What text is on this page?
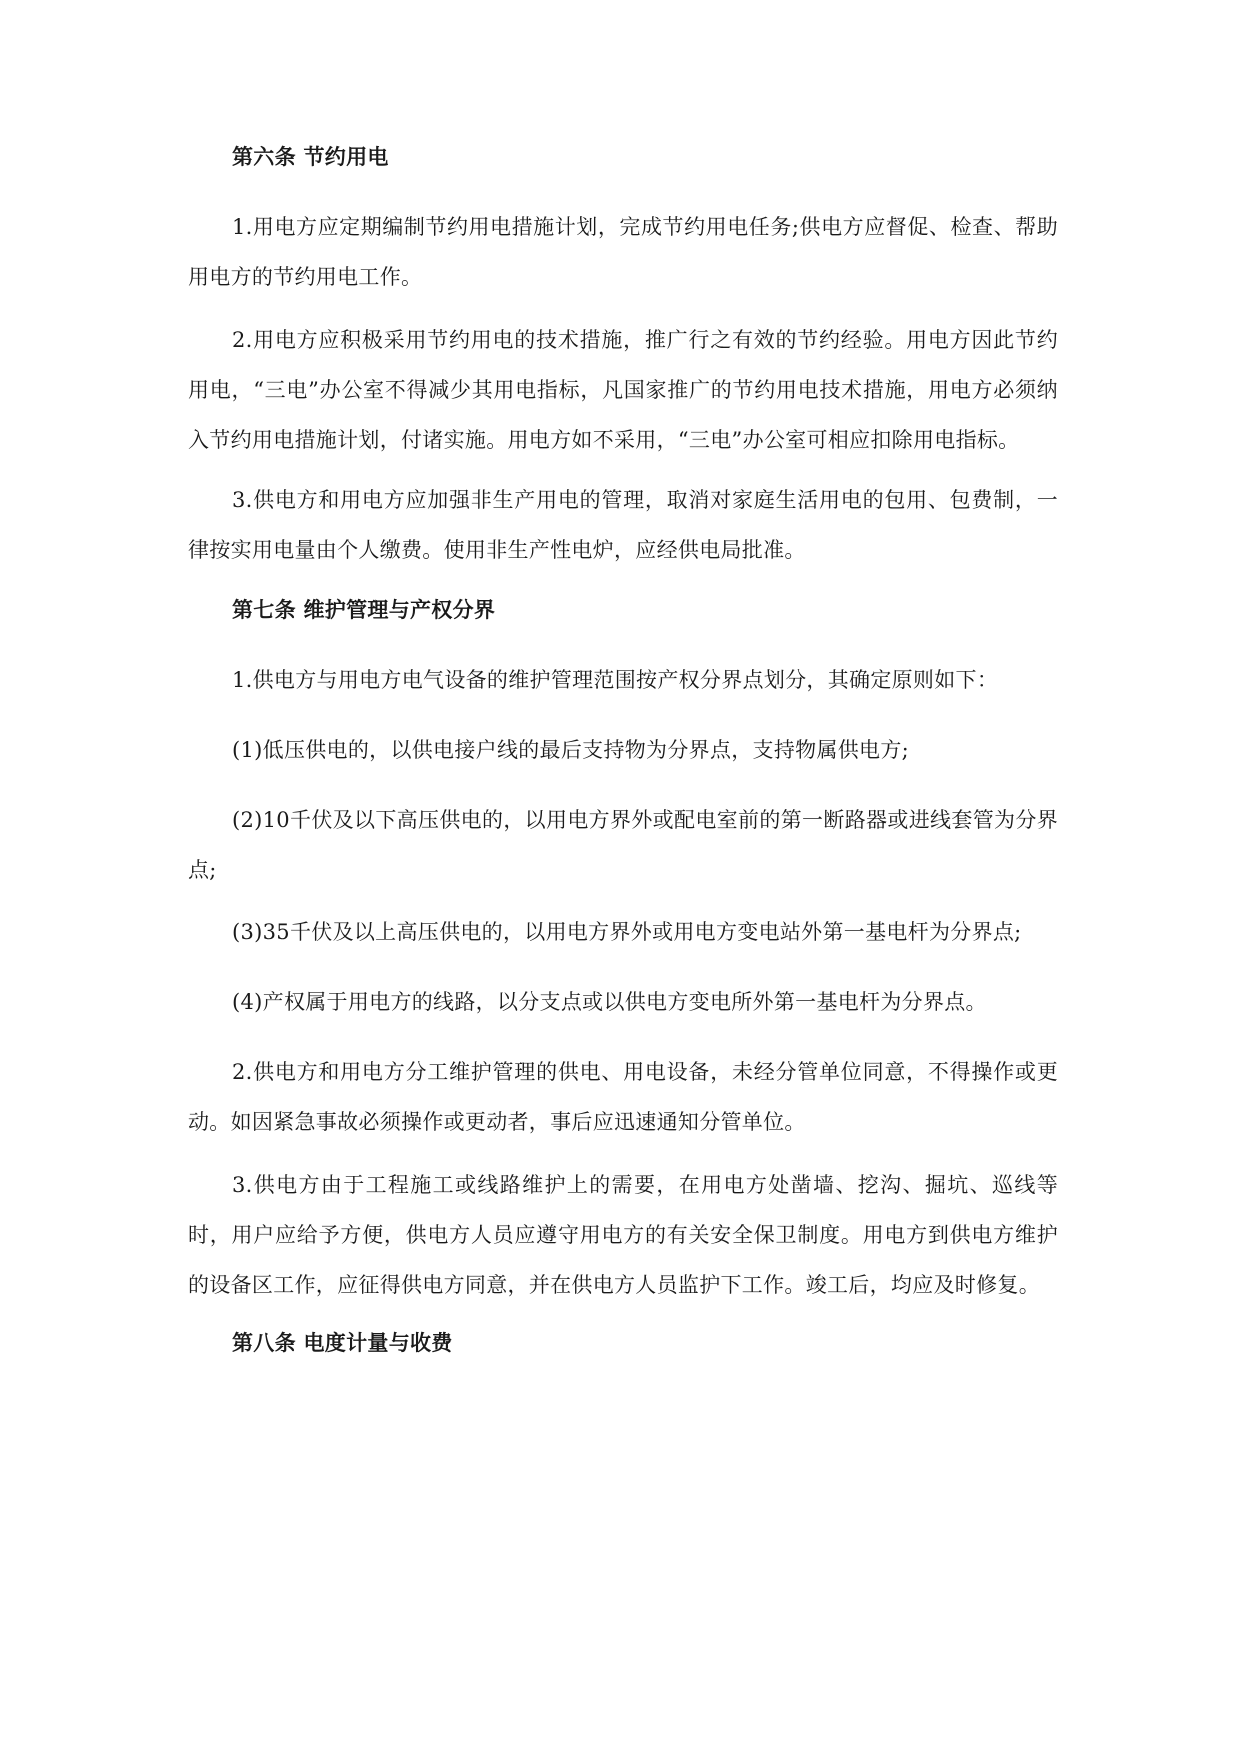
第六条 节约用电

1.用电方应定期编制节约用电措施计划，完成节约用电任务;供电方应督促、检查、帮助用电方的节约用电工作。

2.用电方应积极采用节约用电的技术措施，推广行之有效的节约经验。用电方因此节约用电，“三电”办公室不得减少其用电指标，凡国家推广的节约用电技术措施，用电方必须纳入节约用电措施计划，付诸实施。用电方如不采用，“三电”办公室可相应扣除用电指标。

3.供电方和用电方应加强非生产用电的管理，取消对家庭生活用电的包用、包费制，一律按实用电量由个人缴费。使用非生产性电炉，应经供电局批准。

第七条 维护管理与产权分界

1.供电方与用电方电气设备的维护管理范围按产权分界点划分，其确定原则如下：

(1)低压供电的，以供电接户线的最后支持物为分界点，支持物属供电方;

(2)10千伏及以下高压供电的，以用电方界外或配电室前的第一断路器或进线套管为分界点;

(3)35千伏及以上高压供电的，以用电方界外或用电方变电站外第一基电杆为分界点;

(4)产权属于用电方的线路，以分支点或以供电方变电所外第一基电杆为分界点。

2.供电方和用电方分工维护管理的供电、用电设备，未经分管单位同意，不得操作或更动。如因紧急事故必须操作或更动者，事后应迅速通知分管单位。

3.供电方由于工程施工或线路维护上的需要，在用电方处凿墙、挖沟、掘坑、巡线等时，用户应给予方便，供电方人员应遵守用电方的有关安全保卫制度。用电方到供电方维护的设备区工作，应征得供电方同意，并在供电方人员监护下工作。竣工后，均应及时修复。

第八条 电度计量与收费
